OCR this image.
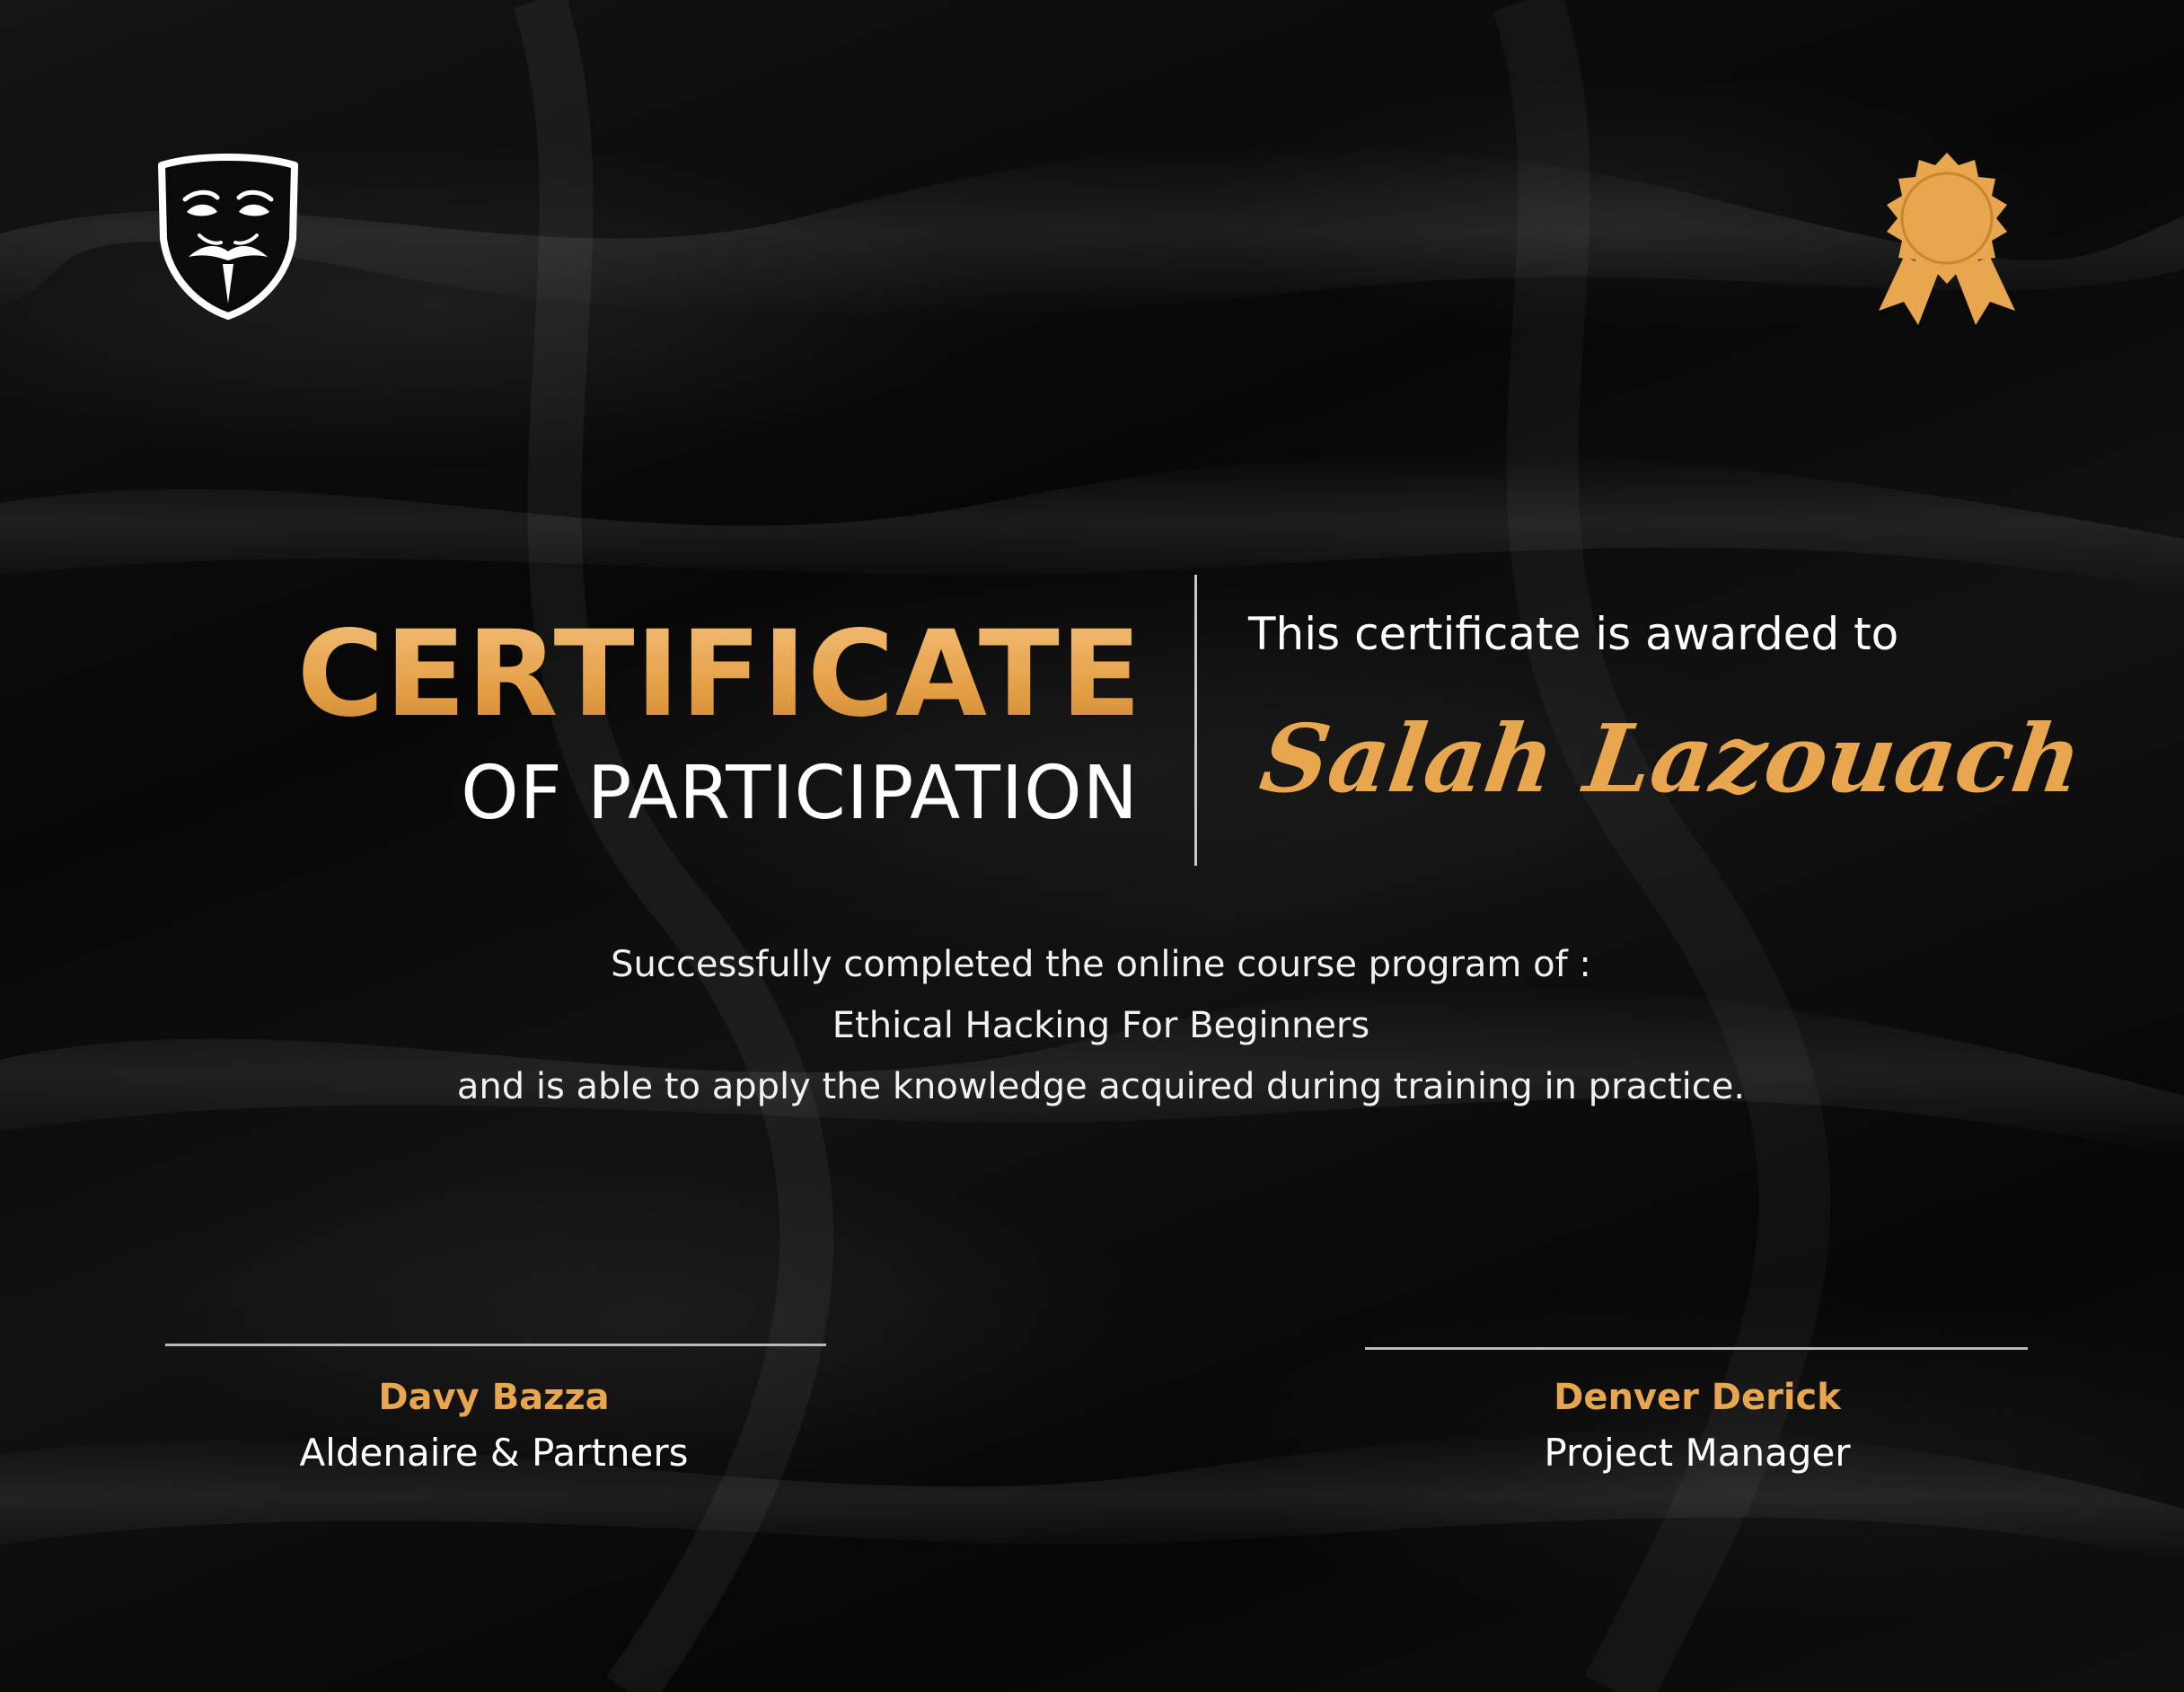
CERTIFICATE
OF PARTICIPATION
This certificate is awarded to
Salah Lazouach
Successfully completed the online course program of :
Ethical Hacking For Beginners
and is able to apply the knowledge acquired during training in practice.
Davy Bazza
Aldenaire & Partners
Denver Derick
Project Manager
